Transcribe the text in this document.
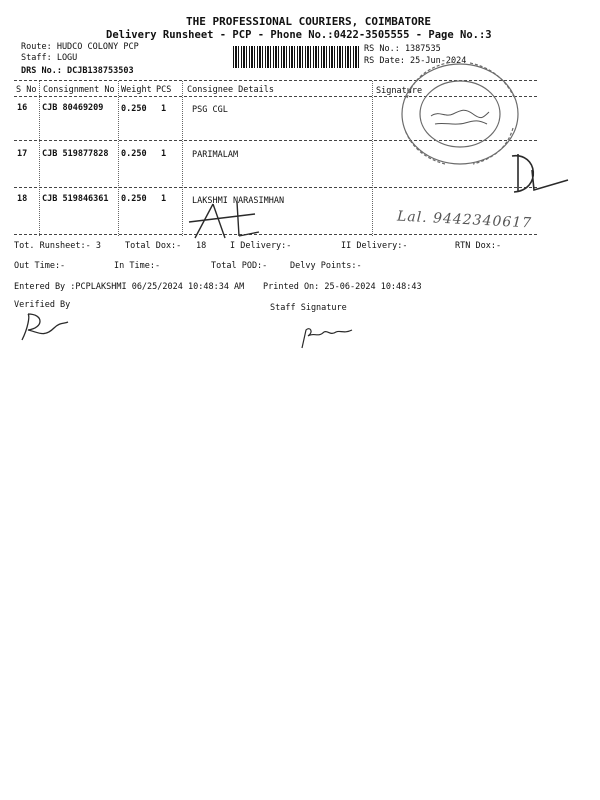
THE PROFESSIONAL COURIERS, COIMBATORE
Delivery Runsheet - PCP - Phone No.:0422-3505555 - Page No.:3
Route: HUDCO COLONY PCP
Staff: LOGU
DRS No.: DCJB138753503
RS No.: 1387535
RS Date: 25-Jun-2024
S No Consignment No Weight PCS Consignee Details	Signature
16 CJB 80469209 0.250 1	PSG CGL
17 CJB 519877828 0.250 1	PARIMALAM
18 CJB 519846361 0.250 1	LAKSHMI NARASIMHAN
Lal. 9442340617
Tot. Runsheet:- 3	Total Dox:- 18	I Delivery:-	II Delivery:-	RTN Dox:-
Out Time:-	In Time:-	Total POD:-	Delvy Points:-
Entered By :PCPLAKSHMI 06/25/2024 10:48:34 AM Printed On: 25-06-2024 10:48:43
Verified By	Staff Signature
